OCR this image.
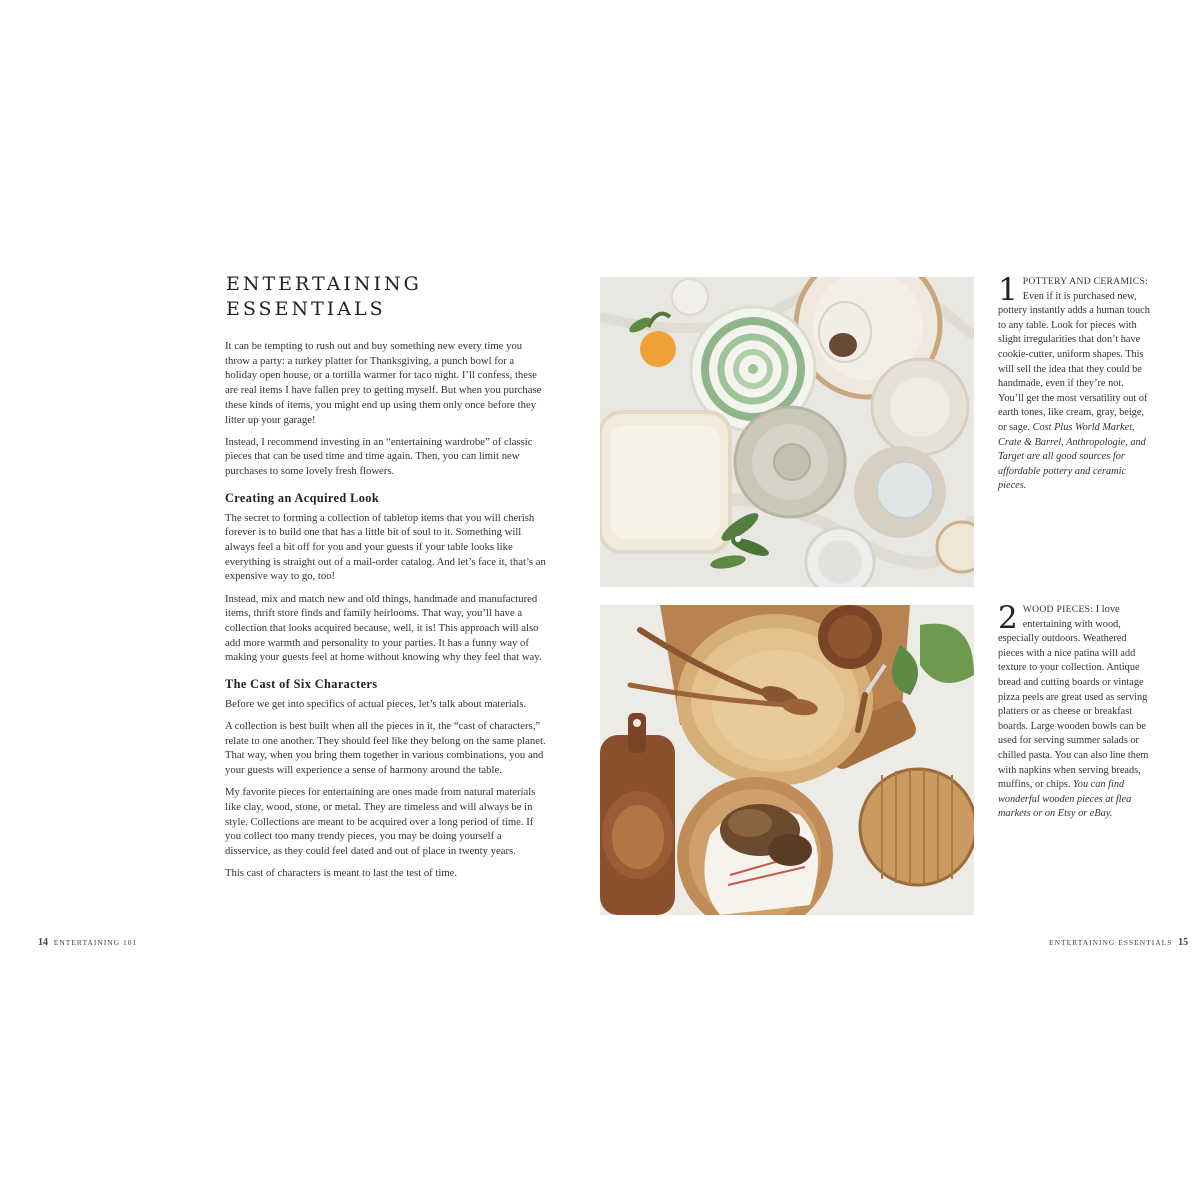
ENTERTAINING
ESSENTIALS

It can be tempting to rush out and buy something new every time you throw a party: a turkey platter for Thanksgiving, a punch bowl for a holiday open house, or a tortilla warmer for taco night. I’ll confess, these are real items I have fallen prey to getting myself. But when you purchase these kinds of items, you might end up using them only once before they litter up your garage!

Instead, I recommend investing in an “entertaining wardrobe” of classic pieces that can be used time and time again. Then, you can limit new purchases to some lovely fresh flowers.

Creating an Acquired Look

The secret to forming a collection of tabletop items that you will cherish forever is to build one that has a little bit of soul to it. Something will always feel a bit off for you and your guests if your table looks like everything is straight out of a mail-order catalog. And let’s face it, that’s an expensive way to go, too!

Instead, mix and match new and old things, handmade and manufactured items, thrift store finds and family heirlooms. That way, you’ll have a collection that looks acquired because, well, it is! This approach will also add more warmth and personality to your parties. It has a funny way of making your guests feel at home without knowing why they feel that way.

The Cast of Six Characters

Before we get into specifics of actual pieces, let’s talk about materials.

A collection is best built when all the pieces in it, the “cast of characters,” relate to one another. They should feel like they belong on the same planet. That way, when you bring them together in various combinations, you and your guests will experience a sense of harmony around the table.

My favorite pieces for entertaining are ones made from natural materials like clay, wood, stone, or metal. They are timeless and will always be in style. Collections are meant to be acquired over a long period of time. If you collect too many trendy pieces, you may be doing yourself a disservice, as they could feel dated and out of place in twenty years.

This cast of characters is meant to last the test of time.

14 ENTERTAINING 101
1 POTTERY AND CERAMICS: Even if it is purchased new, pottery instantly adds a human touch to any table. Look for pieces with slight irregularities that don’t have cookie-cutter, uniform shapes. This will sell the idea that they could be handmade, even if they’re not. You’ll get the most versatility out of earth tones, like cream, gray, beige, or sage. Cost Plus World Market, Crate & Barrel, Anthropologie, and Target are all good sources for affordable pottery and ceramic pieces.
2 WOOD PIECES: I love entertaining with wood, especially outdoors. Weathered pieces with a nice patina will add texture to your collection. Antique bread and cutting boards or vintage pizza peels are great used as serving platters or as cheese or breakfast boards. Large wooden bowls can be used for serving summer salads or chilled pasta. You can also line them with napkins when serving breads, muffins, or chips. You can find wonderful wooden pieces at flea markets or on Etsy or eBay.
ENTERTAINING ESSENTIALS 15
